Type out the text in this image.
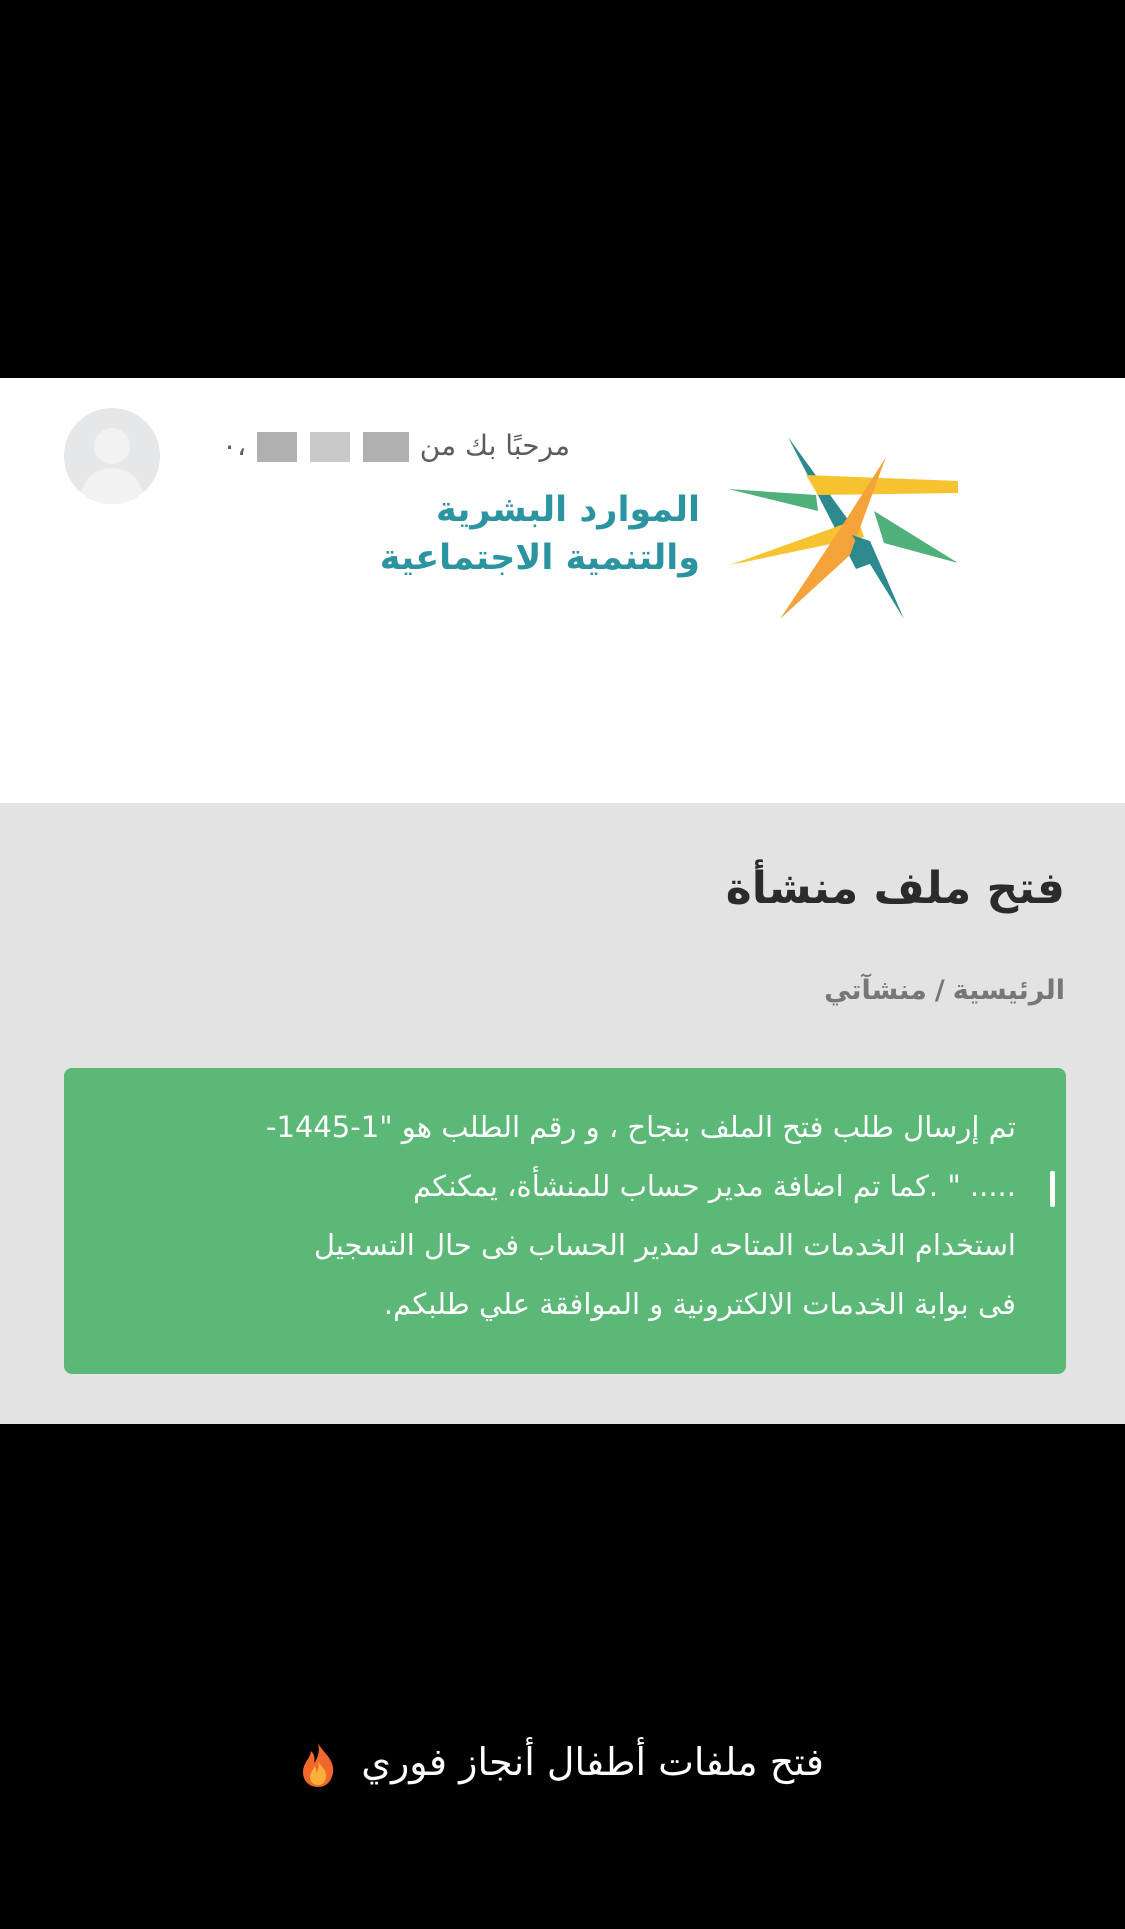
الموارد البشرية
والتنمية الاجتماعية
مرحبًا بك من    ،٠
فتح ملف منشأة
الرئيسية/منشآتي
تم إرسال طلب فتح الملف بنجاح ، و رقم الطلب هو "1-1445-
..... " .كما تم اضافة مدير حساب للمنشأة، يمكنكم
استخدام الخدمات المتاحه لمدير الحساب فى حال التسجيل
فى بوابة الخدمات الالكترونية و الموافقة علي طلبكم.
فتح ملفات أطفال أنجاز فوري
